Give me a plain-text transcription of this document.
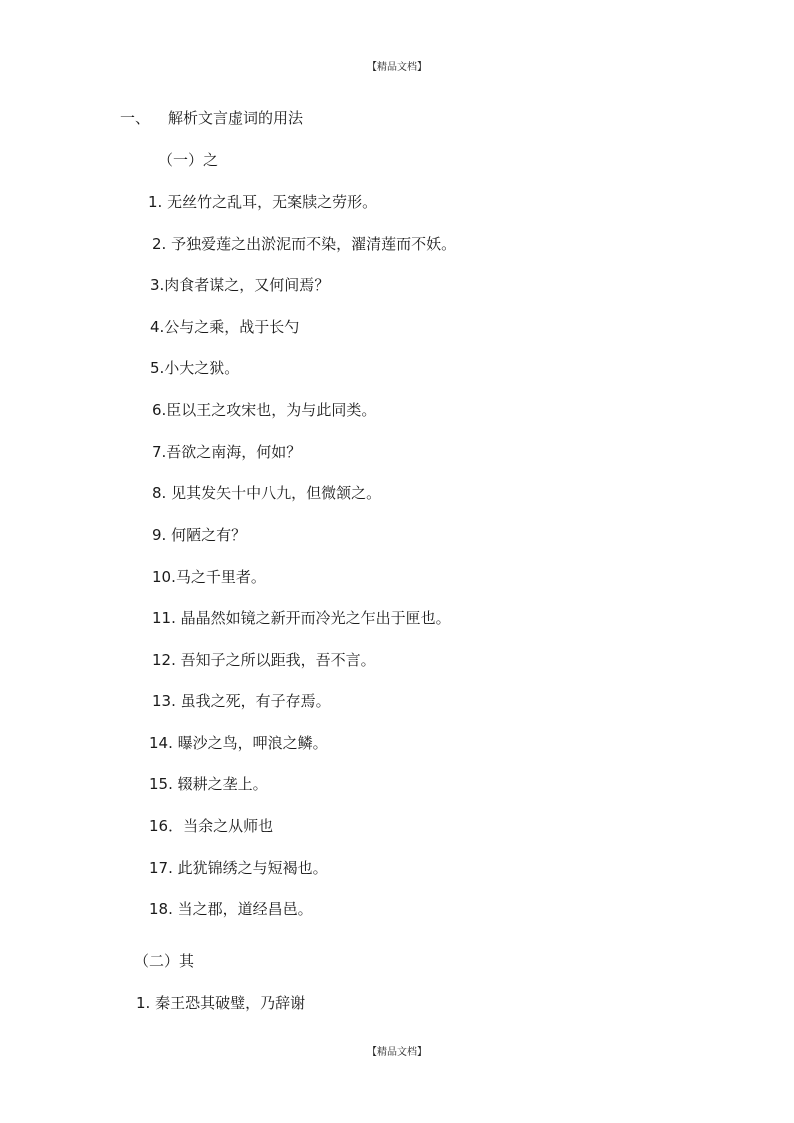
【精品文档】
一、 解析文言虚词的用法
（一）之
1. 无丝竹之乱耳，无案牍之劳形。
2. 予独爱莲之出淤泥而不染，濯清莲而不妖。
3.肉食者谋之，又何间焉？
4.公与之乘，战于长勺
5.小大之狱。
6.臣以王之攻宋也，为与此同类。
7.吾欲之南海，何如？
8. 见其发矢十中八九，但微颔之。
9. 何陋之有？
10.马之千里者。
11. 晶晶然如镜之新开而冷光之乍出于匣也。
12. 吾知子之所以距我，吾不言。
13. 虽我之死，有子存焉。
14. 曝沙之鸟，呷浪之鳞。
15. 辍耕之垄上。
16．当余之从师也
17. 此犹锦绣之与短褐也。
18. 当之郡，道经昌邑。
（二）其
1. 秦王恐其破璧，乃辞谢
【精品文档】
